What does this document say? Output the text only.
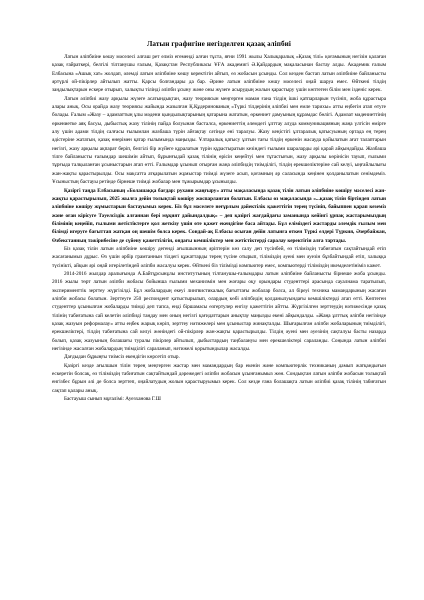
Латын графигіне негізделген қазақ әліпбиі

Латын әліпбиіне көшу мәселесі алғаш рет елміз егеменді алған тұста, яғни 1991 жылы Халықаралық «Қазақ тілі» қоғамының негізін қалаған қазақ ғайраткері, белгілі тілтанушы ғалым, Қазақстан Республикасы ҰҒА академигі Ә.Қайдардың мақаласынан бастау алды. Академик ғалым Елбасына «Ашық хат» жолдап, әлемді латын әліпбиіне көшу керектігін айтып, өз жобасын ұсынды. Сол кезден бастап латын әліпбиіне байланысты әртүрлі ой-пікірлер айтылып жатты. Қарсы болғандары да бар. Әрине латын әліпбиіне көшу мәселесі оңай шаруа емес. Өйткені тілдің заңдылықтарын ескере отырып, халықты тілінді әліпби ұсыну және оны жүзеге асырудың жолын қарастыру үшін көптеген білім мен ізденіс керек.

Латын әліпбиі жазу арқылы жүзеге асатындықтан, жазу теориясын меңгерген маман ғана тілдің ішкі қатпарларын түсініп, жоба құрастыра алары анық. Осы орайда жазу теориясы жайында жазылған Қ.Құдеринованың «Түркі тілдерінің әліпбиі мен емле тарихы» атты еңбегін атап өтуге болады. Ғалым «Жазу – адамзаттың ұлы мәдени қындылықтарының қатарына жататын, өркениет дамуының құрамдас бөлігі. Адамзат мәдениеттінің өркениетке аяқ басуы, дыбыстық жазу тілінің пайда болуынан басталса, өркениеттің әлемдегі ұлттау алуда коммуникацияның жаңа үлгісін өмірге алу үшін адами тілдің салғасы ғылымлан жазбаша түрін айғақтау сәтінде ені таралуы. Жазу кеңістігі ұлтаралық қатысуының ортада ең терең әдістеріне жататын, қазақ өнерімен қатар ғылымында маңызды. Ұлтаралық қатысу ұлтын тағы тілдің өркенін жасауда қойылатын ағат талаптарын негізгі, жазу арқылы ақпарат беріп, белгілі бір жүйеге құралатын түрін құрастыратын кезіндегі ғылыми шараларды әрі қарай айқындайды. Жазбаша тілге байланысты ғалымдар шешімін айтып, бұрынғыдай қазақ тілінің өрісін кеңейтуі мен тұтастығын, жазу арқылы көрінісін тауып, ғылыми тұрғыда талқыланған ұсыныстарын атап өтті. Ғалымдар ұсынып отырған жаңа әліпбидің тиімділігі, тілдің ерекшеліктеріне сай келуі, ыңғайлылығы жан-жақты қарастырылды. Осы мақсатта атқарылатын жұмыстар тиімді жүзеге асып, қоғамның әр саласында кеңінен қолданылатын сенімдеміз. Ұсыныстың бастауы ретінде бірнеше тиімді жобалар мен тұжырымдар ұсынылды.

Қазіргі таңда Елбасының «Болашаққа бағдар: рухани жаңғыру» атты мақаласында қазақ тілін латын әліпбиіне көшіру мәселесі жан-жақты қарастырылып, 2025 жылға дейін толықтай көшіру жоспарланған болатын. Елбасы өз мақаласында «...қазақ тілін біртіндеп латын әліпбиіне көшіру жұмыстарын бастауымыз керек. Біз бұл мәселеге неғұрлым дәйектілік қажеттігін терең түсініп, байыппен қарап кеземіз және оған кірісуге Тәуелсіздік алғаннан бері мұқият дайындалдық» – деп қазіргі жағдайдағы заманында кейінгі ұрпақ жастарымыздың білімінің кеңейіп, ғылыми жетістіктерге қол жеткізу үшін өте қажет екендігіне баса айтады. Бұл еліміздегі жастарды әлемдік ғылым мен білімді игеруге бағыттап жатқан оң шешім болса керек. Сондай-ақ Елбасы осыған дейін латынға өткен Түркі елдері Түркия, Әзербайжан, Өзбекстанның тәжірибесіне де сүйену қажеттілігін, ондағы кемшіліктер мен жетістіктерді саралау керектігін алға тартады.

Біз қазақ тілін латын әліпбиіне көшіру дегенді ағылшынның әріптерін көз салу деп түсінбей, өз тіліміздің табиғатын сақтайтындай етіп жасағанымыз дұрыс. Өз үшін әрбір грамтаннын тілдегі құжаттарды терең түсіне отырып, тіліміздің әуені мен әуезін бұзбайтындай етіп, халыққа түсінікті, айқын әрі оңай игерілетіндей әліпби жасалуы керек. Өйткені біз тілімізді компьютер емес, компьютерді тіліміздің икемделетініміз кажет.

2014-2016 жылдар аралығында А.Байтұрсынұлы институтының тілтанушы-ғалымдары латын әліпбиіне байланысты бірнеше жоба ұсынды. 2016 жылы төрт латын әліпби жобасы бойынша ғылыми механизмін мен жоғары оқу орындары студенттері арасында сауалнама таратылып, эксперименттік зерттеу жүргізілді. Бұл жобалардың екеуі лингвистикалық бағыттағы жобалар болса, ал біреуі техника мамандарының жасаған әліпби жобасы болатын. Зерттеуге 250 респондент қатыстырылып, олардың көбі әліпбидің қолданылуындағы кемшіліктерді атап өтті. Көптеген студенттер ұсынылған жобаларды тиімді деп тапса, енді біршамасы өзгертулер енгізу қажеттігін айтты. Жүргізілген зерттеудің нәтижесінде қазақ тілінің табиғатына сай келетін әліпбиді таңдау мен оның негізгі қағидаттарын анықтау маңызды екені айқындалды. «Жаңа ұлттық әліпби негізінде қазақ жазуын реформалау» атты еңбек жарық көріп, зерттеу нәтижелері мен ұсыныстар жинақталды. Шығарылған әліпби жобаларының тиімділігі, ерекшеліктері, тілдің табиғатына сай келуі жөніндегі ой-пікірлер жан-жақты қарастырылды. Тілдің әуені мен әуезінің сақталуы басты назарда болып, қазақ жазуының болашағы туралы пікірлер айтылып, дыбыстардың таңбалануы мен ерекшеліктері сараланды. Соңында латын әліпбиі негізінде жасалған жобалардың тиімділігі сараланып, нәтижелі қорытындылар жасалды.

Дағдыдан бұрыңғы тиімсіз екендігін көрсетіп отыр.

Қазіргі кезде ағылшын тілін терең меңгерген жастар мен мамандардың бар екенін және компьютерлік техниканың дамып жатқандығын ескеретін болсақ, өз тіліміздің табиғатын сақтайтындай дәрежедегі әліпби жобасын ұсынғанымыз жөн. Сондықтан латын әліпби жобасын толықтай енгізбес бұрын әлі де болса зерттеп, оңайлатудың жолын қарастыруымыз керек. Сол кезде ғана болашақта латын әліпбиі қазақ тілінің табиғатын сақтап қалары анық.

Бастауыш сынып мұғалімі: Ауезханова Г.Ш
